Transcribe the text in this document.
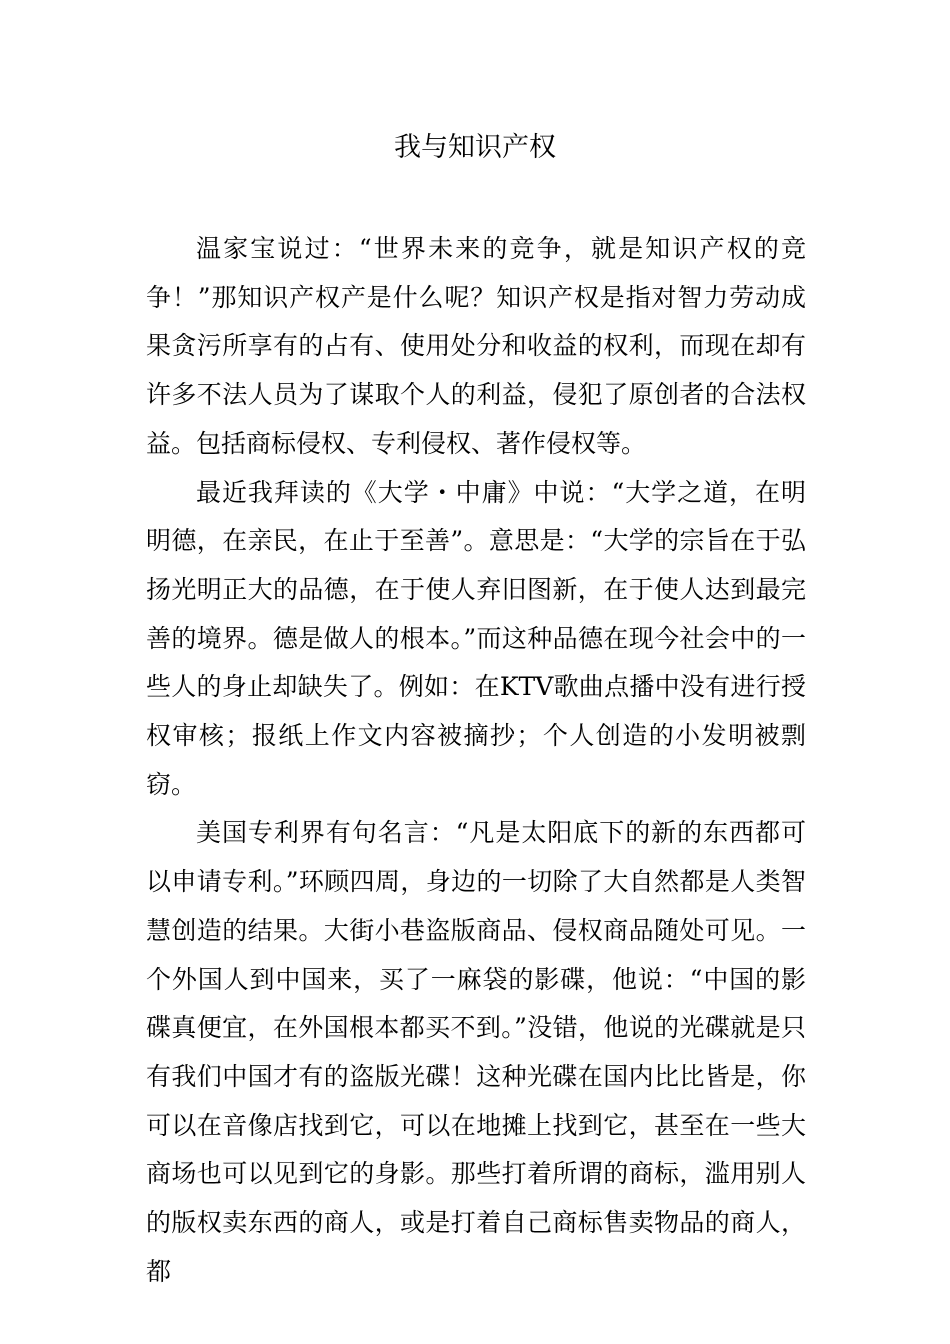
我与知识产权

温家宝说过：“世界未来的竞争，就是知识产权的竞争！”那知识产权产是什么呢？知识产权是指对智力劳动成果贪污所享有的占有、使用处分和收益的权利，而现在却有许多不法人员为了谋取个人的利益，侵犯了原创者的合法权益。包括商标侵权、专利侵权、著作侵权等。

最近我拜读的《大学・中庸》中说：“大学之道，在明明德，在亲民，在止于至善”。意思是：“大学的宗旨在于弘扬光明正大的品德，在于使人弃旧图新，在于使人达到最完善的境界。德是做人的根本。”而这种品德在现今社会中的一些人的身止却缺失了。例如：在KTV歌曲点播中没有进行授权审核；报纸上作文内容被摘抄；个人创造的小发明被剽窃。

美国专利界有句名言：“凡是太阳底下的新的东西都可以申请专利。”环顾四周，身边的一切除了大自然都是人类智慧创造的结果。大街小巷盗版商品、侵权商品随处可见。一个外国人到中国来，买了一麻袋的影碟，他说：“中国的影碟真便宜，在外国根本都买不到。”没错，他说的光碟就是只有我们中国才有的盗版光碟！这种光碟在国内比比皆是，你可以在音像店找到它，可以在地摊上找到它，甚至在一些大商场也可以见到它的身影。那些打着所谓的商标，滥用别人的版权卖东西的商人，或是打着自己商标售卖物品的商人，都
